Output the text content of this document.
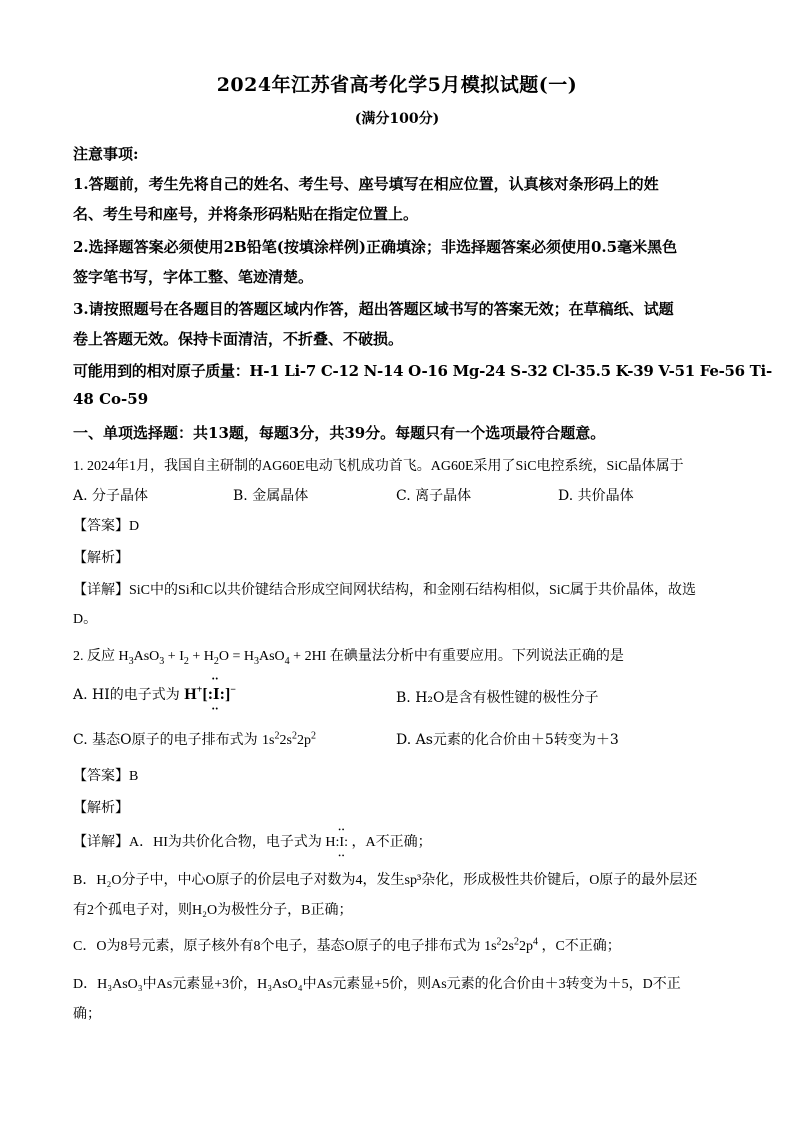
2024年江苏省高考化学5月模拟试题(一)
(满分100分)
注意事项:
1.答题前，考生先将自己的姓名、考生号、座号填写在相应位置，认真核对条形码上的姓
名、考生号和座号，并将条形码粘贴在指定位置上。
2.选择题答案必须使用2B铅笔(按填涂样例)正确填涂；非选择题答案必须使用0.5毫米黑色
签字笔书写，字体工整、笔迹清楚。
3.请按照题号在各题目的答题区域内作答，超出答题区域书写的答案无效；在草稿纸、试题
卷上答题无效。保持卡面清洁，不折叠、不破损。
可能用到的相对原子质量：H-1 Li-7 C-12 N-14 O-16 Mg-24 S-32 Cl-35.5 K-39 V-51 Fe-56 Ti-
48 Co-59
一、单项选择题：共13题，每题3分，共39分。每题只有一个选项最符合题意。
1. 2024年1月，我国自主研制的AG60E电动飞机成功首飞。AG60E采用了SiC电控系统，SiC晶体属于
A. 分子晶体	B. 金属晶体	C. 离子晶体	D. 共价晶体
【答案】D
【解析】
【详解】SiC中的Si和C以共价键结合形成空间网状结构，和金刚石结构相似，SiC属于共价晶体，故选
D。
2. 反应 $H_3AsO_3 + I_2 + H_2O = H_3AsO_4 + 2HI$ 在碘量法分析中有重要应用。下列说法正确的是
A. HI的电子式为 H+[:•• I ••:]−	B. H₂O是含有极性键的极性分子
C. 基态O原子的电子排布式为 $1s^22s^22p^2$	D. As元素的化合价由＋5转变为＋3
【答案】B
【解析】
【详解】A．HI为共价化合物，电子式为 H:•• I ••: ，A不正确；
B．H₂O分子中，中心O原子的价层电子对数为4，发生sp³杂化，形成极性共价键后，O原子的最外层还
有2个孤电子对，则H₂O为极性分子，B正确；
C．O为8号元素，原子核外有8个电子，基态O原子的电子排布式为 $1s^22s^22p^4$ ，C不正确；
D．H₃AsO₃中As元素显+3价，H₃AsO₄中As元素显+5价，则As元素的化合价由＋3转变为＋5，D不正
确；
